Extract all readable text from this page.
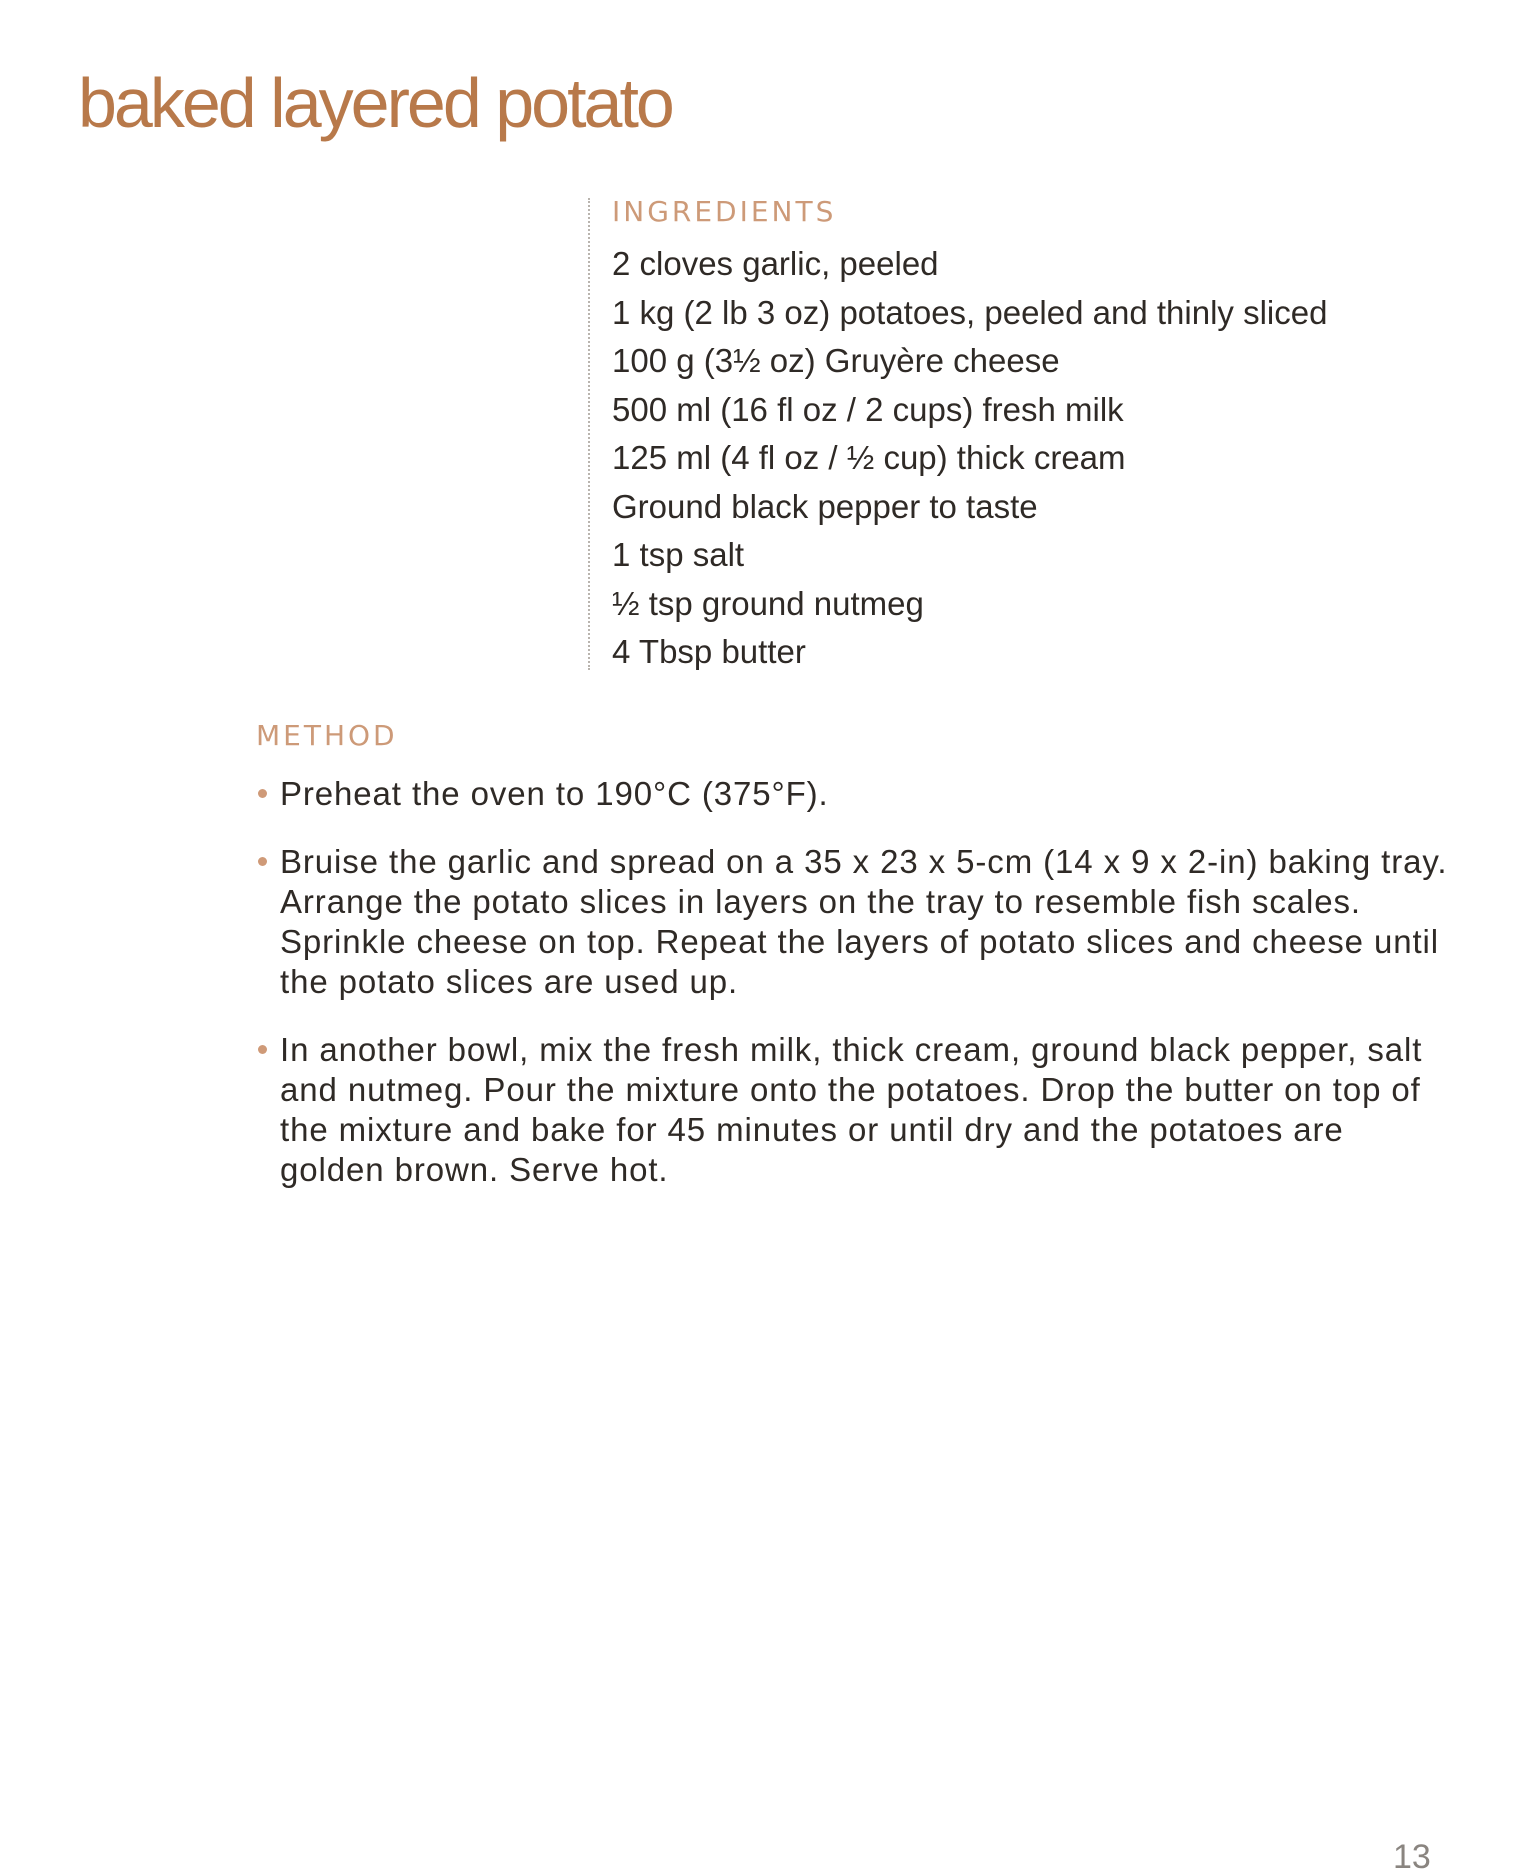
baked layered potato
INGREDIENTS
2 cloves garlic, peeled
1 kg (2 lb 3 oz) potatoes, peeled and thinly sliced
100 g (3½ oz) Gruyère cheese
500 ml (16 fl oz / 2 cups) fresh milk
125 ml (4 fl oz / ½ cup) thick cream
Ground black pepper to taste
1 tsp salt
½ tsp ground nutmeg
4 Tbsp butter
METHOD
Preheat the oven to 190°C (375°F).
Bruise the garlic and spread on a 35 x 23 x 5-cm (14 x 9 x 2-in) baking tray. Arrange the potato slices in layers on the tray to resemble fish scales. Sprinkle cheese on top. Repeat the layers of potato slices and cheese until the potato slices are used up.
In another bowl, mix the fresh milk, thick cream, ground black pepper, salt and nutmeg. Pour the mixture onto the potatoes. Drop the butter on top of the mixture and bake for 45 minutes or until dry and the potatoes are golden brown. Serve hot.
13
